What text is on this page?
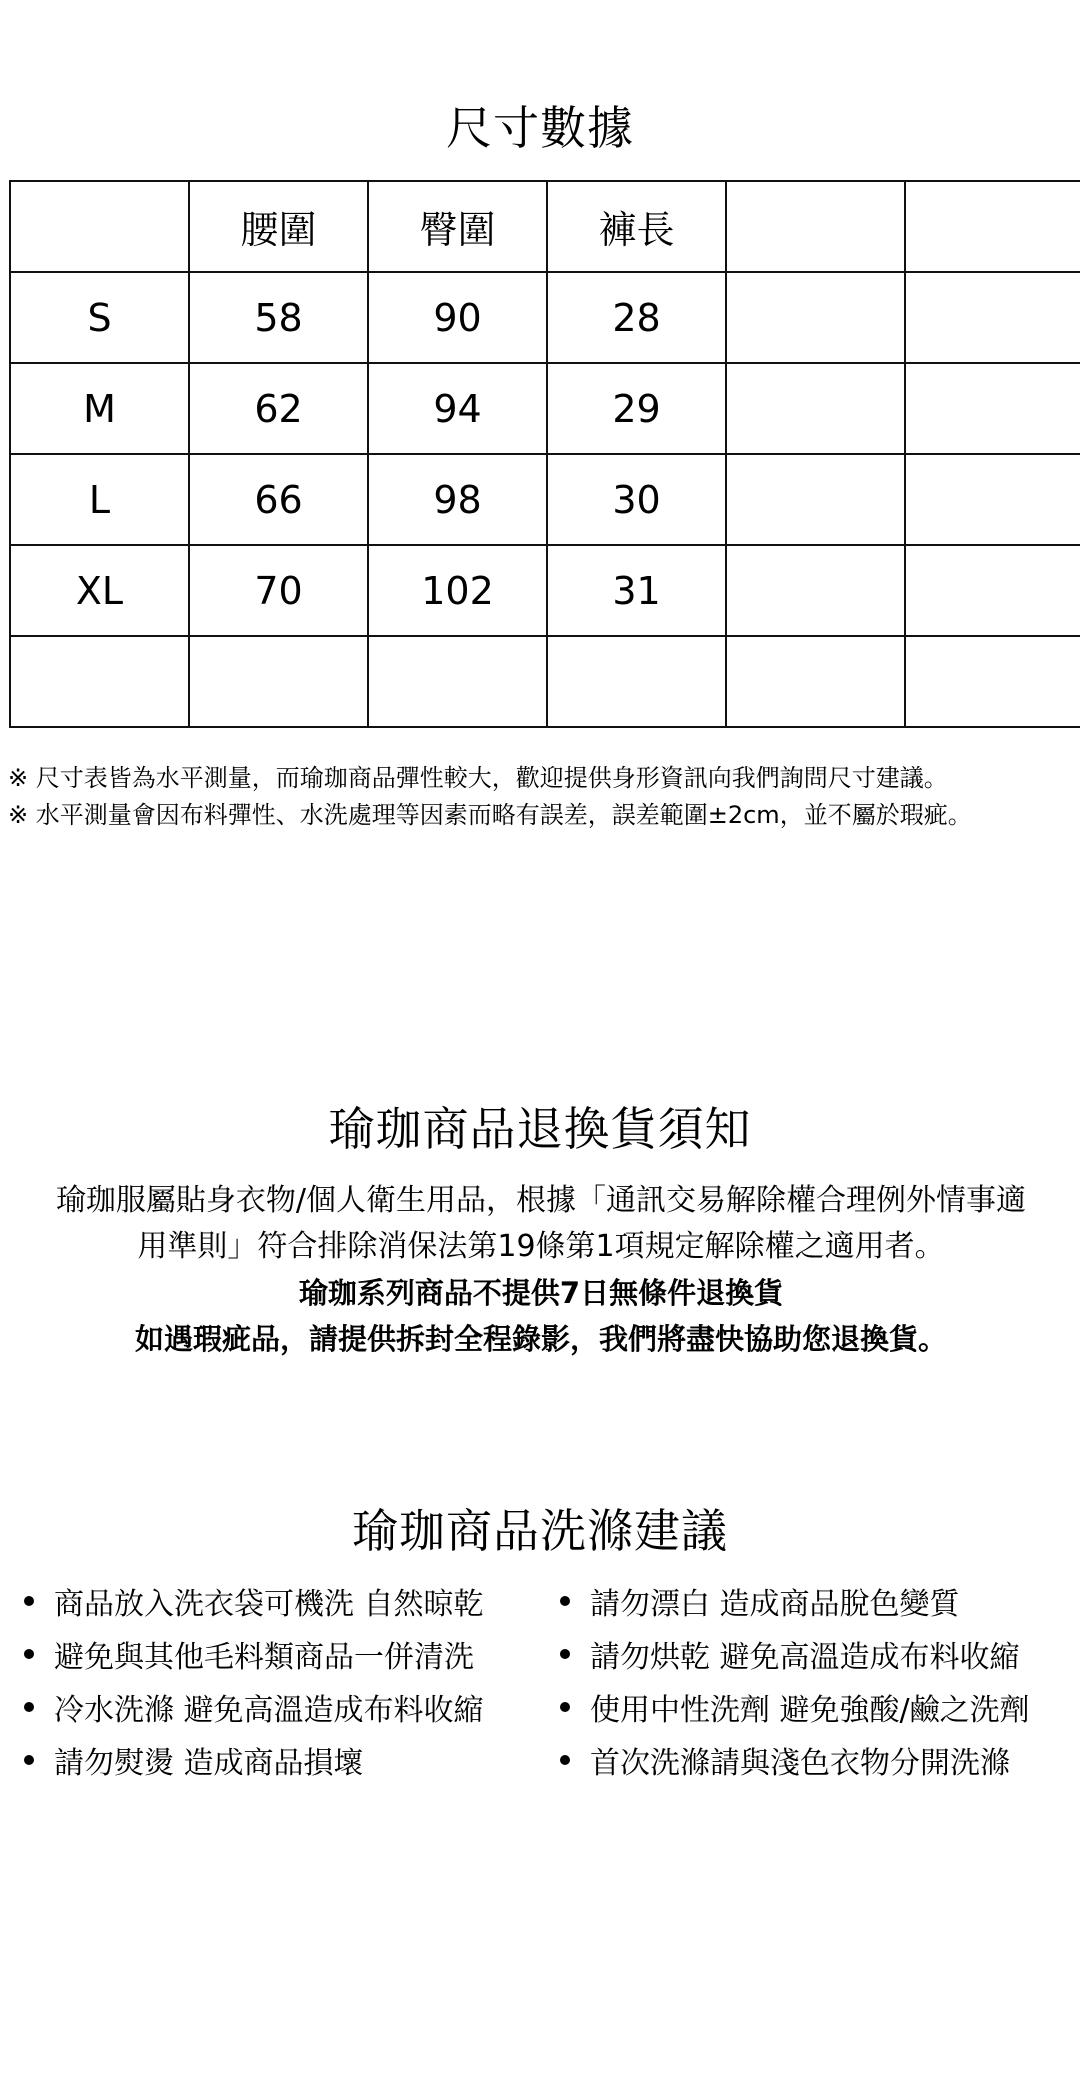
尺寸數據
	腰圍	臀圍	褲長		
S	58	90	28		
M	62	94	29		
L	66	98	30		
XL	70	102	31		

※ 尺寸表皆為水平測量，而瑜珈商品彈性較大，歡迎提供身形資訊向我們詢問尺寸建議。
※ 水平測量會因布料彈性、水洗處理等因素而略有誤差，誤差範圍±2cm，並不屬於瑕疵。
瑜珈商品退換貨須知
瑜珈服屬貼身衣物/個人衛生用品，根據「通訊交易解除權合理例外情事適
用準則」符合排除消保法第19條第1項規定解除權之適用者。
瑜珈系列商品不提供7日無條件退換貨
如遇瑕疵品，請提供拆封全程錄影，我們將盡快協助您退換貨。
瑜珈商品洗滌建議
商品放入洗衣袋可機洗 自然晾乾	請勿漂白 造成商品脫色變質
避免與其他毛料類商品一併清洗	請勿烘乾 避免高溫造成布料收縮
冷水洗滌 避免高溫造成布料收縮	使用中性洗劑 避免強酸/鹼之洗劑
請勿熨燙 造成商品損壞	首次洗滌請與淺色衣物分開洗滌
